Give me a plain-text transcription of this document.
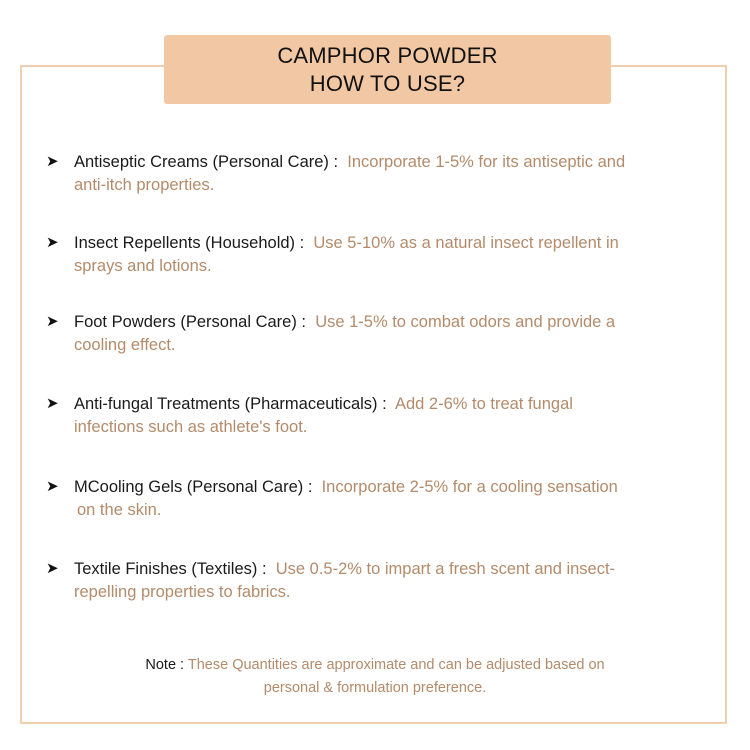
CAMPHOR POWDER
HOW TO USE?
➤ Antiseptic Creams (Personal Care) : Incorporate 1-5% for its antiseptic and
anti-itch properties.
➤ Insect Repellents (Household) : Use 5-10% as a natural insect repellent in
sprays and lotions.
➤ Foot Powders (Personal Care) : Use 1-5% to combat odors and provide a
cooling effect.
➤ Anti-fungal Treatments (Pharmaceuticals) : Add 2-6% to treat fungal
infections such as athlete's foot.
➤ MCooling Gels (Personal Care) : Incorporate 2-5% for a cooling sensation
on the skin.
➤ Textile Finishes (Textiles) : Use 0.5-2% to impart a fresh scent and insect-
repelling properties to fabrics.
Note : These Quantities are approximate and can be adjusted based on
personal & formulation preference.
